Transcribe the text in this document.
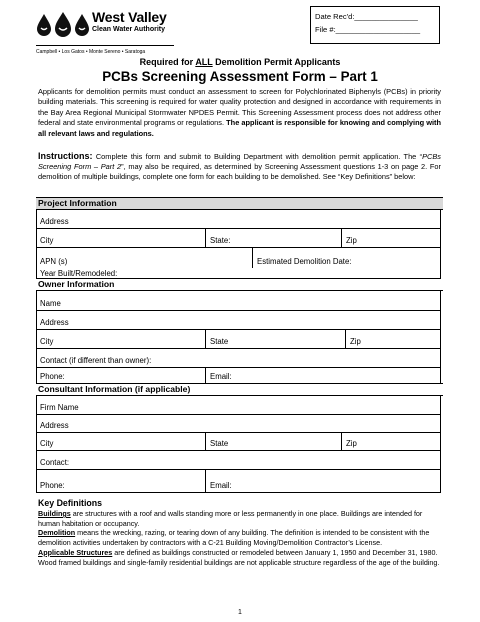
West Valley
Clean Water Authority
Campbell • Los Gatos • Monte Sereno • Saratoga
Date Rec'd:_______________
File #:____________________
Required for ALL Demolition Permit Applicants
PCBs Screening Assessment Form – Part 1
Applicants for demolition permits must conduct an assessment to screen for Polychlorinated Biphenyls (PCBs) in priority building materials. This screening is required for water quality protection and designed in accordance with requirements in the Bay Area Regional Municipal Stormwater NPDES Permit. This Screening Assessment process does not address other federal and state environmental programs or regulations. The applicant is responsible for knowing and complying with all relevant laws and regulations.
Instructions: Complete this form and submit to Building Department with demolition permit application. The “PCBs Screening Form – Part 2”, may also be required, as determined by Screening Assessment questions 1-3 on page 2. For demolition of multiple buildings, complete one form for each building to be demolished. See “Key Definitions” below:
Project Information
Address
City	State:	Zip
APN (s)	Estimated Demolition Date:
Year Built/Remodeled:
Owner Information
Name
Address
City	State	Zip
Contact (if different than owner):
Phone:	Email:
Consultant Information (if applicable)
Firm Name
Address
City	State	Zip
Contact:
Phone:	Email:
Key Definitions
Buildings are structures with a roof and walls standing more or less permanently in one place. Buildings are intended for human habitation or occupancy.
Demolition means the wrecking, razing, or tearing down of any building. The definition is intended to be consistent with the demolition activities undertaken by contractors with a C-21 Building Moving/Demolition Contractor’s License.
Applicable Structures are defined as buildings constructed or remodeled between January 1, 1950 and December 31, 1980. Wood framed buildings and single-family residential buildings are not applicable structure regardless of the age of the building.
1
